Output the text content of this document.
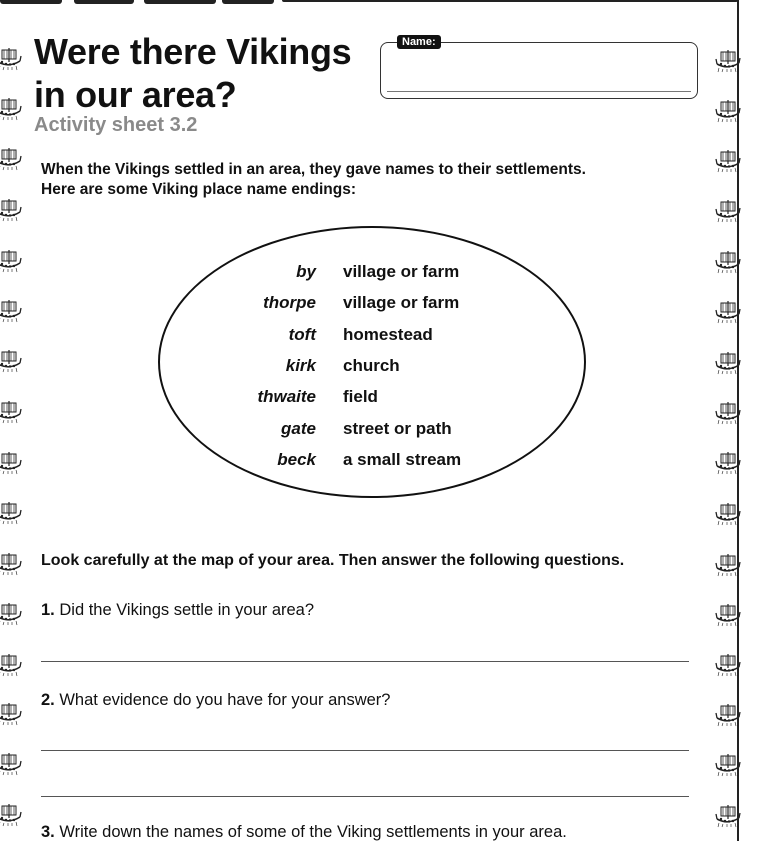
Were there Vikings
in our area?
Activity sheet 3.2
Name:

When the Vikings settled in an area, they gave names to their settlements.

Here are some Viking place name endings:

by village or farm
thorpe village or farm
toft homestead
kirk church
thwaite field
gate street or path
beck a small stream
Look carefully at the map of your area. Then answer the following questions.
1. Did the Vikings settle in your area?
2. What evidence do you have for your answer?
3. Write down the names of some of the Viking settlements in your area.
